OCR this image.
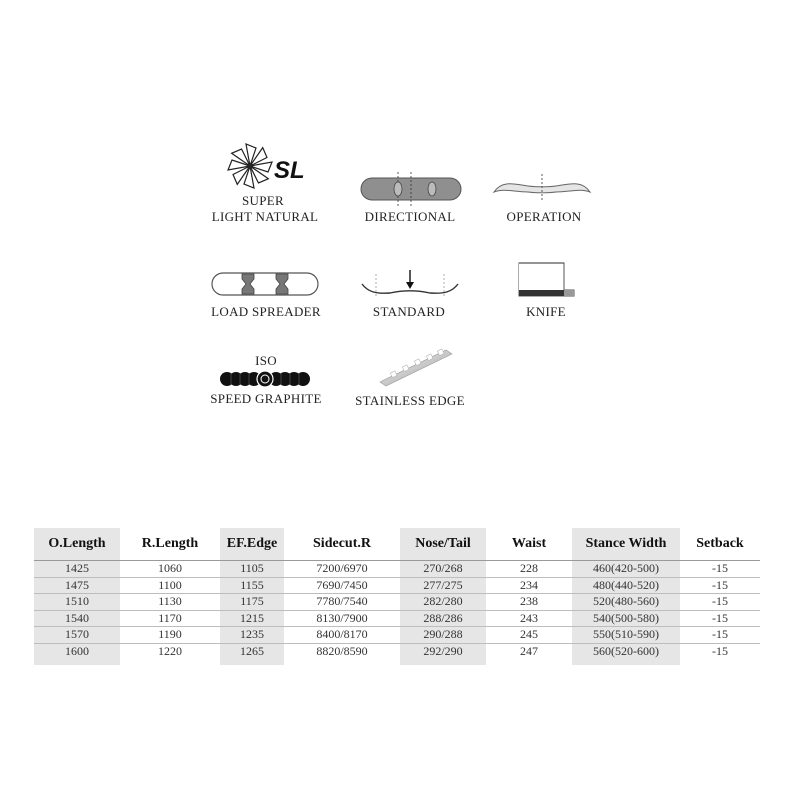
SL
SUPER
LIGHT NATURAL	DIRECTIONAL	OPERATION
LOAD SPREADER	STANDARD	KNIFE
ISO
SPEED GRAPHITE	STAINLESS EDGE
O.Length	R.Length	EF.Edge	Sidecut.R	Nose/Tail	Waist	Stance Width	Setback
1425	1060	1105	7200/6970	270/268	228	460(420-500)	-15
1475	1100	1155	7690/7450	277/275	234	480(440-520)	-15
1510	1130	1175	7780/7540	282/280	238	520(480-560)	-15
1540	1170	1215	8130/7900	288/286	243	540(500-580)	-15
1570	1190	1235	8400/8170	290/288	245	550(510-590)	-15
1600	1220	1265	8820/8590	292/290	247	560(520-600)	-15
